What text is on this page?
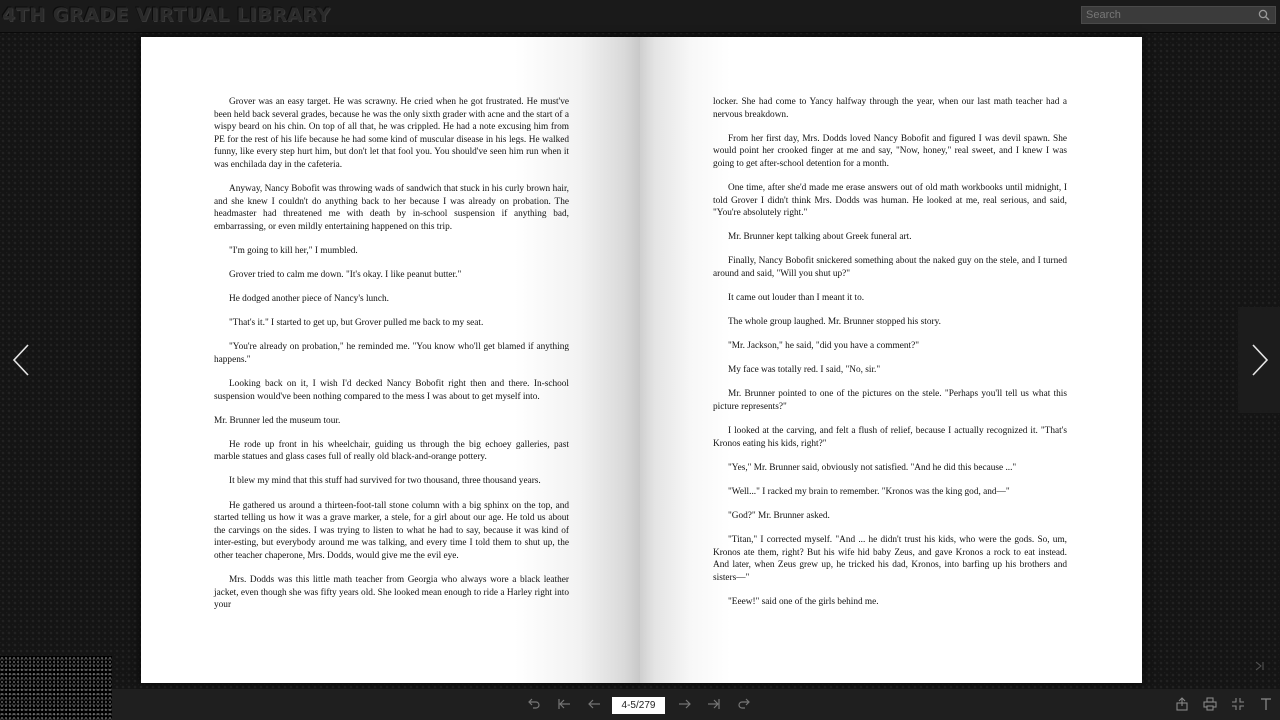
4TH GRADE VIRTUAL LIBRARY
Search

Grover was an easy target. He was scrawny. He cried when he got frustrated. He must've been held back several grades, because he was the only sixth grader with acne and the start of a wispy beard on his chin. On top of all that, he was crippled. He had a note excusing him from PE for the rest of his life because he had some kind of muscular disease in his legs. He walked funny, like every step hurt him, but don't let that fool you. You should've seen him run when it was enchilada day in the cafeteria.

Anyway, Nancy Bobofit was throwing wads of sandwich that stuck in his curly brown hair, and she knew I couldn't do anything back to her because I was already on probation. The headmaster had threatened me with death by in-school suspension if anything bad, embarrassing, or even mildly entertaining happened on this trip.

"I'm going to kill her," I mumbled.

Grover tried to calm me down. "It's okay. I like peanut butter."

He dodged another piece of Nancy's lunch.

"That's it." I started to get up, but Grover pulled me back to my seat.

"You're already on probation," he reminded me. "You know who'll get blamed if anything happens."

Looking back on it, I wish I'd decked Nancy Bobofit right then and there. In-school suspension would've been nothing compared to the mess I was about to get myself into.

Mr. Brunner led the museum tour.

He rode up front in his wheelchair, guiding us through the big echoey galleries, past marble statues and glass cases full of really old black-and-orange pottery.

It blew my mind that this stuff had survived for two thousand, three thousand years.

He gathered us around a thirteen-foot-tall stone column with a big sphinx on the top, and started telling us how it was a grave marker, a stele, for a girl about our age. He told us about the carvings on the sides. I was trying to listen to what he had to say, because it was kind of inter-esting, but everybody around me was talking, and every time I told them to shut up, the other teacher chaperone, Mrs. Dodds, would give me the evil eye.

Mrs. Dodds was this little math teacher from Georgia who always wore a black leather jacket, even though she was fifty years old. She looked mean enough to ride a Harley right into your

locker. She had come to Yancy halfway through the year, when our last math teacher had a nervous breakdown.

From her first day, Mrs. Dodds loved Nancy Bobofit and figured I was devil spawn. She would point her crooked finger at me and say, "Now, honey," real sweet, and I knew I was going to get after-school detention for a month.

One time, after she'd made me erase answers out of old math workbooks until midnight, I told Grover I didn't think Mrs. Dodds was human. He looked at me, real serious, and said, "You're absolutely right."

Mr. Brunner kept talking about Greek funeral art.

Finally, Nancy Bobofit snickered something about the naked guy on the stele, and I turned around and said, "Will you shut up?"

It came out louder than I meant it to.

The whole group laughed. Mr. Brunner stopped his story.

"Mr. Jackson," he said, "did you have a comment?"

My face was totally red. I said, "No, sir."

Mr. Brunner pointed to one of the pictures on the stele. "Perhaps you'll tell us what this picture represents?"

I looked at the carving, and felt a flush of relief, because I actually recognized it. "That's Kronos eating his kids, right?"

"Yes," Mr. Brunner said, obviously not satisfied. "And he did this because ..."

"Well..." I racked my brain to remember. "Kronos was the king god, and—"

"God?" Mr. Brunner asked.

"Titan," I corrected myself. "And ... he didn't trust his kids, who were the gods. So, um, Kronos ate them, right? But his wife hid baby Zeus, and gave Kronos a rock to eat instead. And later, when Zeus grew up, he tricked his dad, Kronos, into barfing up his brothers and sisters—"

"Eeew!" said one of the girls behind me.

4-5/279
